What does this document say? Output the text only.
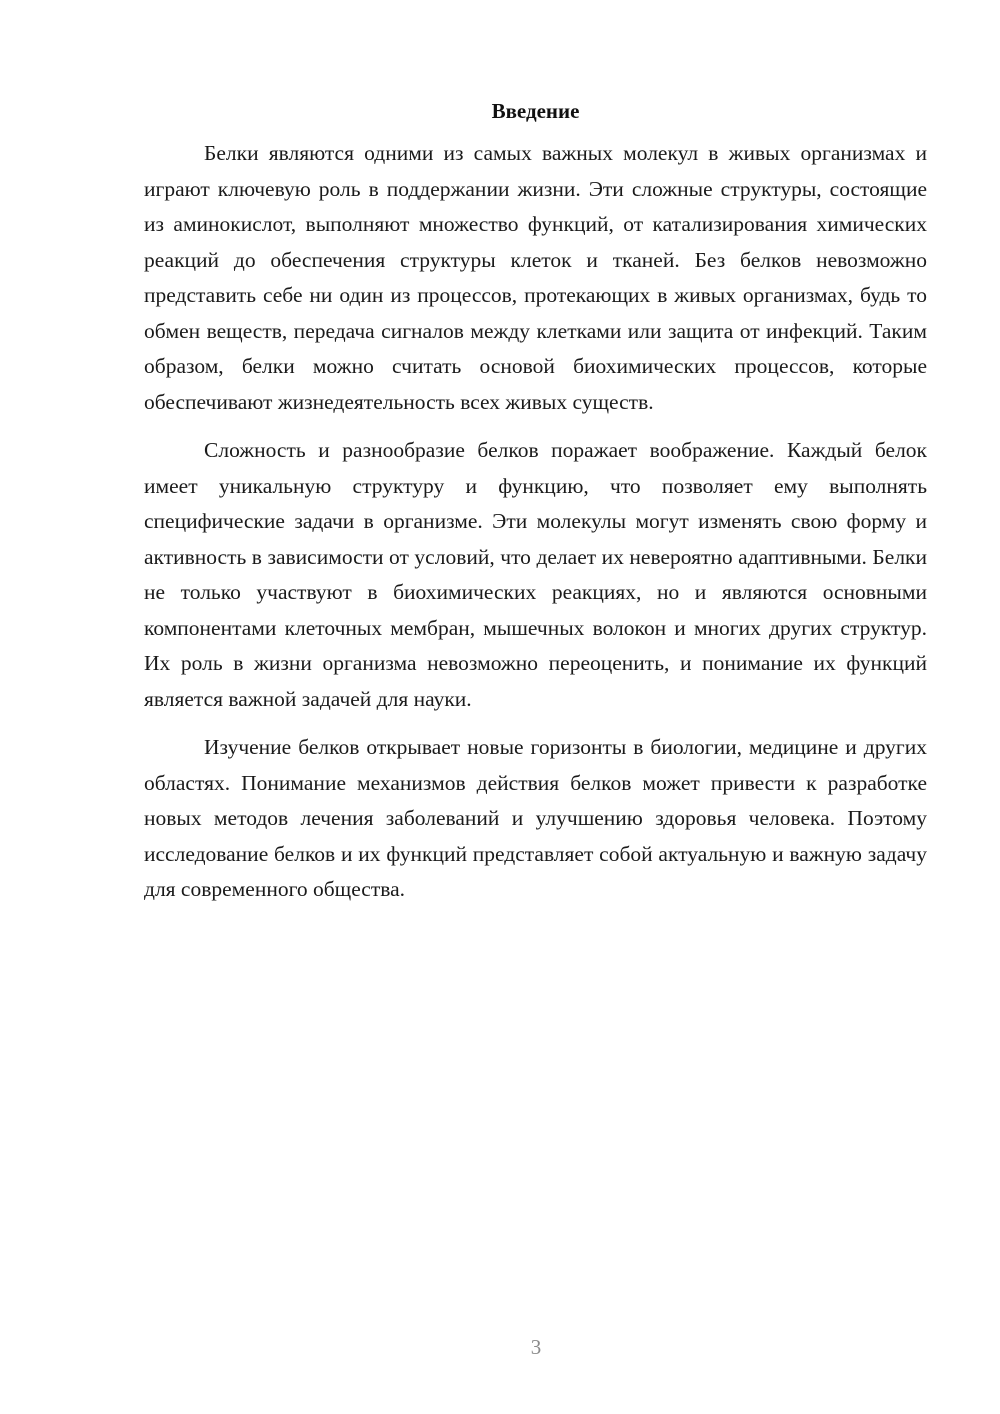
Введение

Белки являются одними из самых важных молекул в живых организмах и играют ключевую роль в поддержании жизни. Эти сложные структуры, состоящие из аминокислот, выполняют множество функций, от катализирования химических реакций до обеспечения структуры клеток и тканей. Без белков невозможно представить себе ни один из процессов, протекающих в живых организмах, будь то обмен веществ, передача сигналов между клетками или защита от инфекций. Таким образом, белки можно считать основой биохимических процессов, которые обеспечивают жизнедеятельность всех живых существ.

Сложность и разнообразие белков поражает воображение. Каждый белок имеет уникальную структуру и функцию, что позволяет ему выполнять специфические задачи в организме. Эти молекулы могут изменять свою форму и активность в зависимости от условий, что делает их невероятно адаптивными. Белки не только участвуют в биохимических реакциях, но и являются основными компонентами клеточных мембран, мышечных волокон и многих других структур. Их роль в жизни организма невозможно переоценить, и понимание их функций является важной задачей для науки.

Изучение белков открывает новые горизонты в биологии, медицине и других областях. Понимание механизмов действия белков может привести к разработке новых методов лечения заболеваний и улучшению здоровья человека. Поэтому исследование белков и их функций представляет собой актуальную и важную задачу для современного общества.

3
